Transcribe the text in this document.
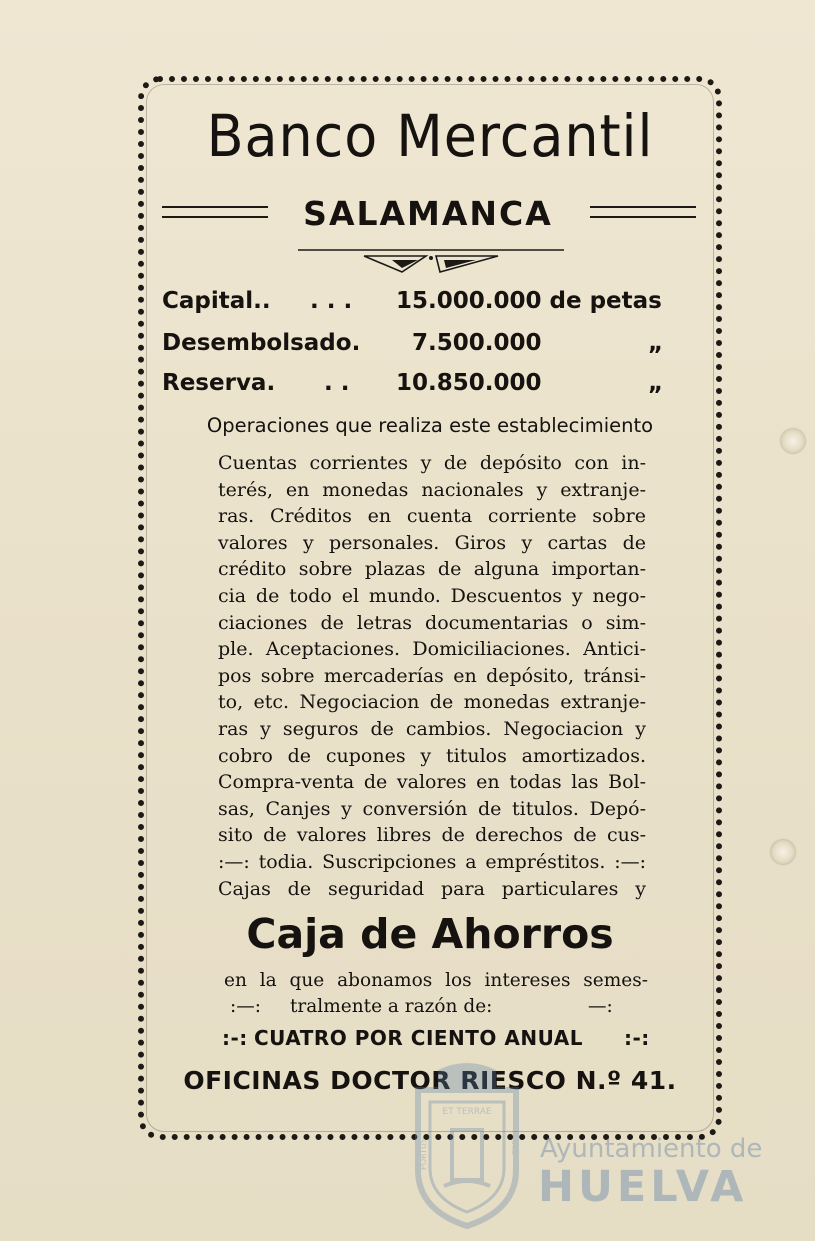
Banco Mercantil
SALAMANCA
Capital.. . . . 15.000.000 de petas
Desembolsado. 7.500.000	„
Reserva. . . 10.850.000	„
Operaciones que realiza este establecimiento
Cuentas corrientes y de depósito con in-
terés, en monedas nacionales y extranje-
ras. Créditos en cuenta corriente sobre
valores y personales. Giros y cartas de
crédito sobre plazas de alguna importan-
cia de todo el mundo. Descuentos y nego-
ciaciones de letras documentarias o sim-
ple. Aceptaciones. Domiciliaciones. Antici-
pos sobre mercaderías en depósito, tránsi-
to, etc. Negociacion de monedas extranje-
ras y seguros de cambios. Negociacion y
cobro de cupones y titulos amortizados.
Compra-venta de valores en todas las Bol-
sas, Canjes y conversión de titulos. Depó-
sito de valores libres de derechos de cus-
:—: todia. Suscripciones a empréstitos. :—:
Cajas de seguridad para particulares y
Caja de Ahorros
en la que abonamos los intereses semes-
:—: tralmente a razón de:	—:
:-: CUATRO POR CIENTO ANUAL :-:
OFICINAS DOCTOR RIESCO N.º 41.
ET TERRAE
PORTUS	MARIS Ayuntamiento de
HUELVA
